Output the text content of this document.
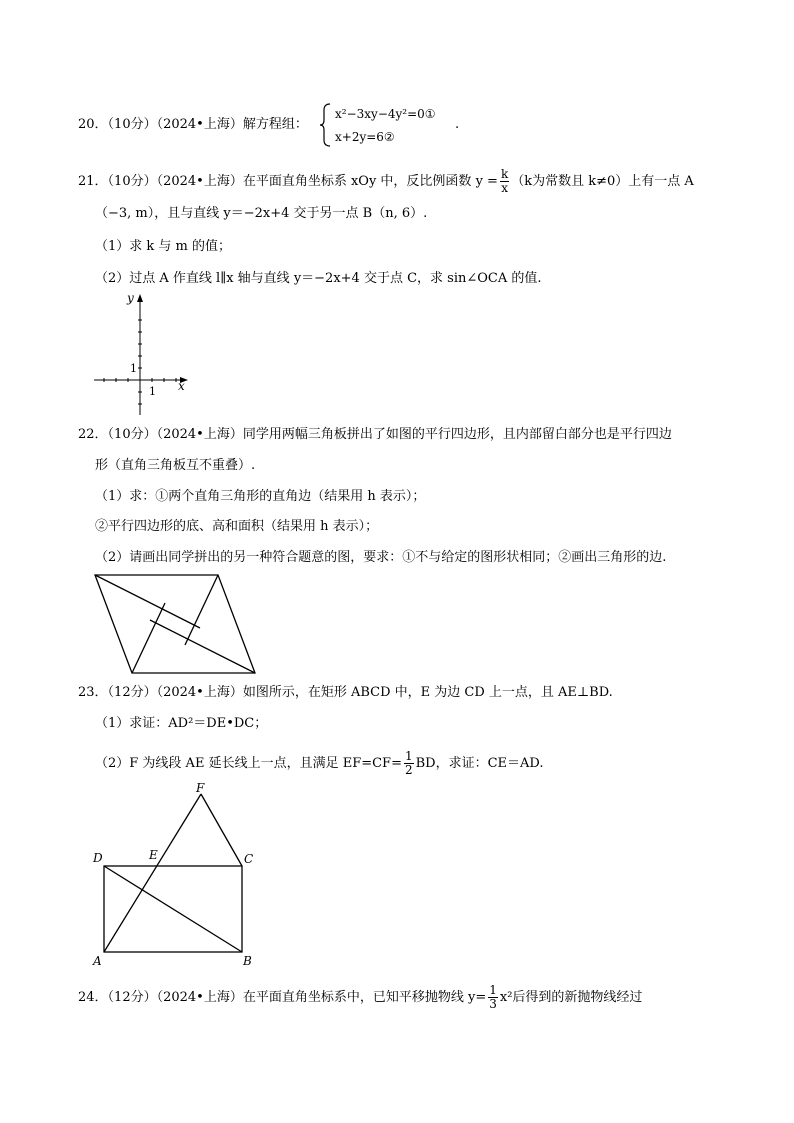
20．（10分）（2024•上海）解方程组：
x²−3xy−4y²=0①
x+2y=6②
.
21．（10分）（2024•上海）在平面直角坐标系 xOy 中，反比例函数 $y = \frac{k}{x} (k$为常数且 k≠0）上有一点 A
（−3, m），且与直线 y＝−2x+4 交于另一点 B（n, 6）.
（1）求 k 与 m 的值；
（2）过点 A 作直线 l∥x 轴与直线 y＝−2x+4 交于点 C，求 sin∠OCA 的值.
y
x
1
1
22．（10分）（2024•上海）同学用两幅三角板拼出了如图的平行四边形，且内部留白部分也是平行四边
形（直角三角板互不重叠）.
（1）求：①两个直角三角形的直角边（结果用 h 表示）；
②平行四边形的底、高和面积（结果用 h 表示）；
（2）请画出同学拼出的另一种符合题意的图，要求：①不与给定的图形状相同；②画出三角形的边.
23．（12分）（2024•上海）如图所示，在矩形 ABCD 中，E 为边 CD 上一点，且 AE⊥BD.
（1）求证：AD²＝DE•DC；
（2）F 为线段 AE 延长线上一点，且满足 $EF=CF= \frac{1}{2}$ BD，求证：CE＝AD.
F
D	E	C
A	B
24．（12分）（2024•上海）在平面直角坐标系中，已知平移抛物线 $y= \frac{1}{3} x^2$后得到的新抛物线经过
